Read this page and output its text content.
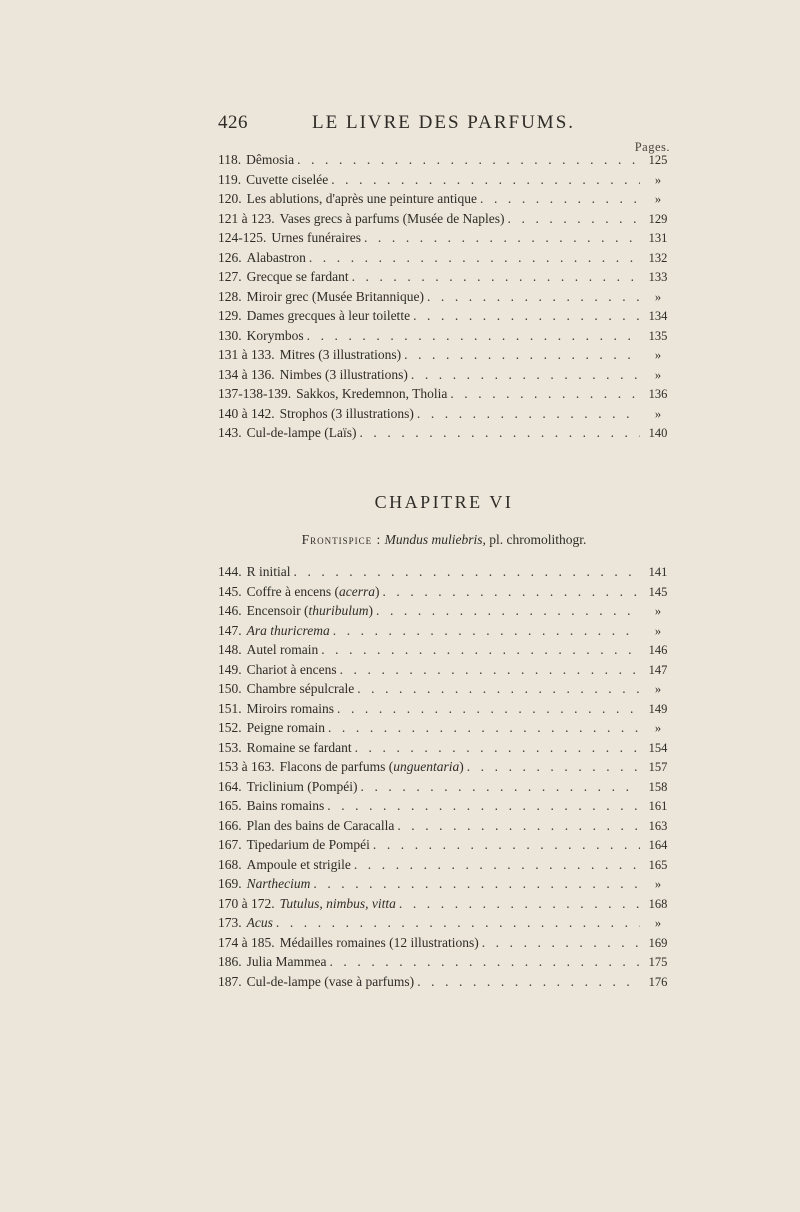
426	LE LIVRE DES PARFUMS.
Pages.
118. Dêmosia . . .	125
119. Cuvette ciselée . . .	»
120. Les ablutions, d'après une peinture antique . . .	»
121 à 123. Vases grecs à parfums (Musée de Naples) . . .	129
124-125. Urnes funéraires . . .	131
126. Alabastron . . .	132
127. Grecque se fardant . . .	133
128. Miroir grec (Musée Britannique) . . .	»
129. Dames grecques à leur toilette . . .	134
130. Korymbos . . .	135
131 à 133. Mitres (3 illustrations) . . .	»
134 à 136. Nimbes (3 illustrations) . . .	»
137-138-139. Sakkos, Kredemnon, Tholia . . .	136
140 à 142. Strophos (3 illustrations) . . .	»
143. Cul-de-lampe (Laïs) . . .	140
CHAPITRE VI
Frontispice : Mundus muliebris, pl. chromolithogr.
144. R initial . . .	141
145. Coffre à encens (acerra) . . .	145
146. Encensoir (thuribulum) . . .	»
147. Ara thuricrema . . .	»
148. Autel romain . . .	146
149. Chariot à encens . . .	147
150. Chambre sépulcrale . . .	»
151. Miroirs romains . . .	149
152. Peigne romain . . .	»
153. Romaine se fardant . . .	154
153 à 163. Flacons de parfums (unguentaria) . . .	157
164. Triclinium (Pompéi) . . .	158
165. Bains romains . . .	161
166. Plan des bains de Caracalla . . .	163
167. Tipedarium de Pompéi . . .	164
168. Ampoule et strigile . . .	165
169. Narthecium . . .	»
170 à 172. Tutulus, nimbus, vitta . . .	168
173. Acus . . .	»
174 à 185. Médailles romaines (12 illustrations) . . .	169
186. Julia Mammea . . .	175
187. Cul-de-lampe (vase à parfums) . . .	176
